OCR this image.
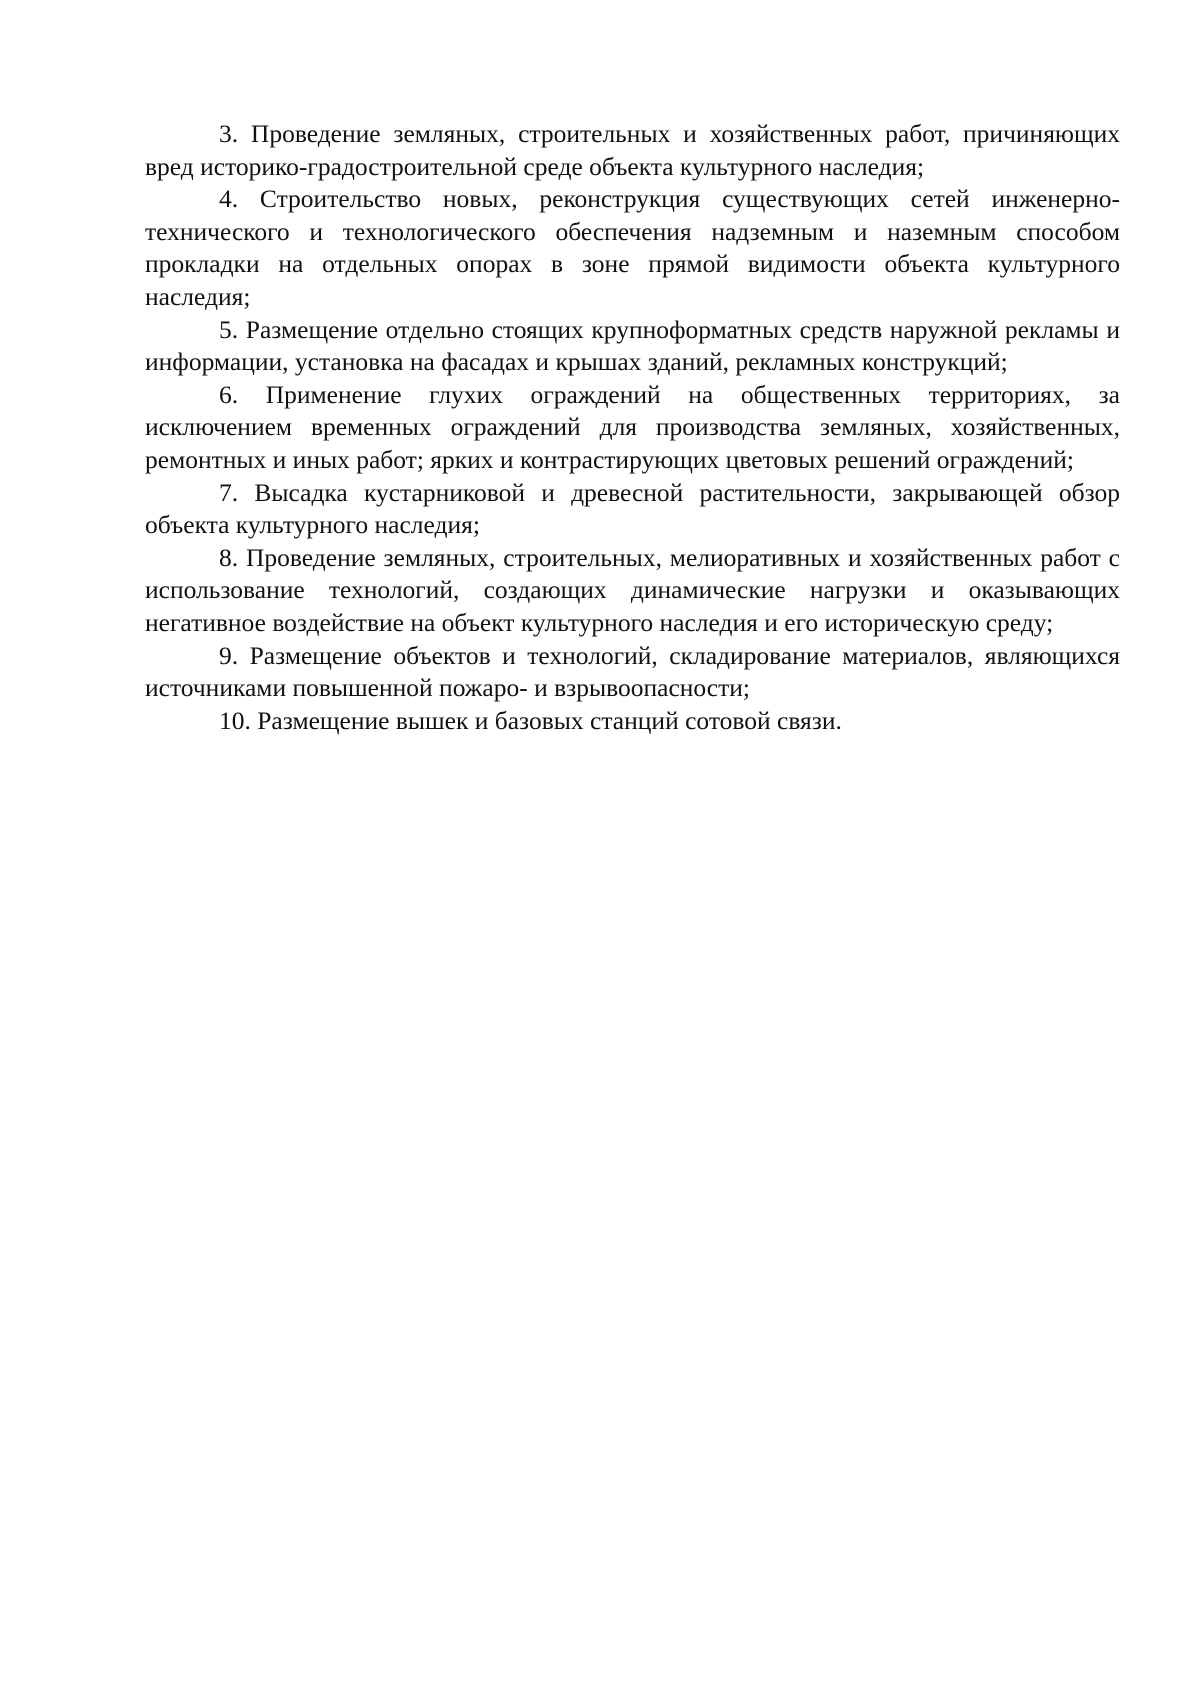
3. Проведение земляных, строительных и хозяйственных работ, причиняющих вред историко-градостроительной среде объекта культурного наследия;

4. Строительство новых, реконструкция существующих сетей инженерно-технического и технологического обеспечения надземным и наземным способом прокладки на отдельных опорах в зоне прямой видимости объекта культурного наследия;

5. Размещение отдельно стоящих крупноформатных средств наружной рекламы и информации, установка на фасадах и крышах зданий, рекламных конструкций;

6. Применение глухих ограждений на общественных территориях, за исключением временных ограждений для производства земляных, хозяйственных, ремонтных и иных работ; ярких и контрастирующих цветовых решений ограждений;

7. Высадка кустарниковой и древесной растительности, закрывающей обзор объекта культурного наследия;

8. Проведение земляных, строительных, мелиоративных и хозяйственных работ с использование технологий, создающих динамические нагрузки и оказывающих негативное воздействие на объект культурного наследия и его историческую среду;

9. Размещение объектов и технологий, складирование материалов, являющихся источниками повышенной пожаро- и взрывоопасности;

10. Размещение вышек и базовых станций сотовой связи.
